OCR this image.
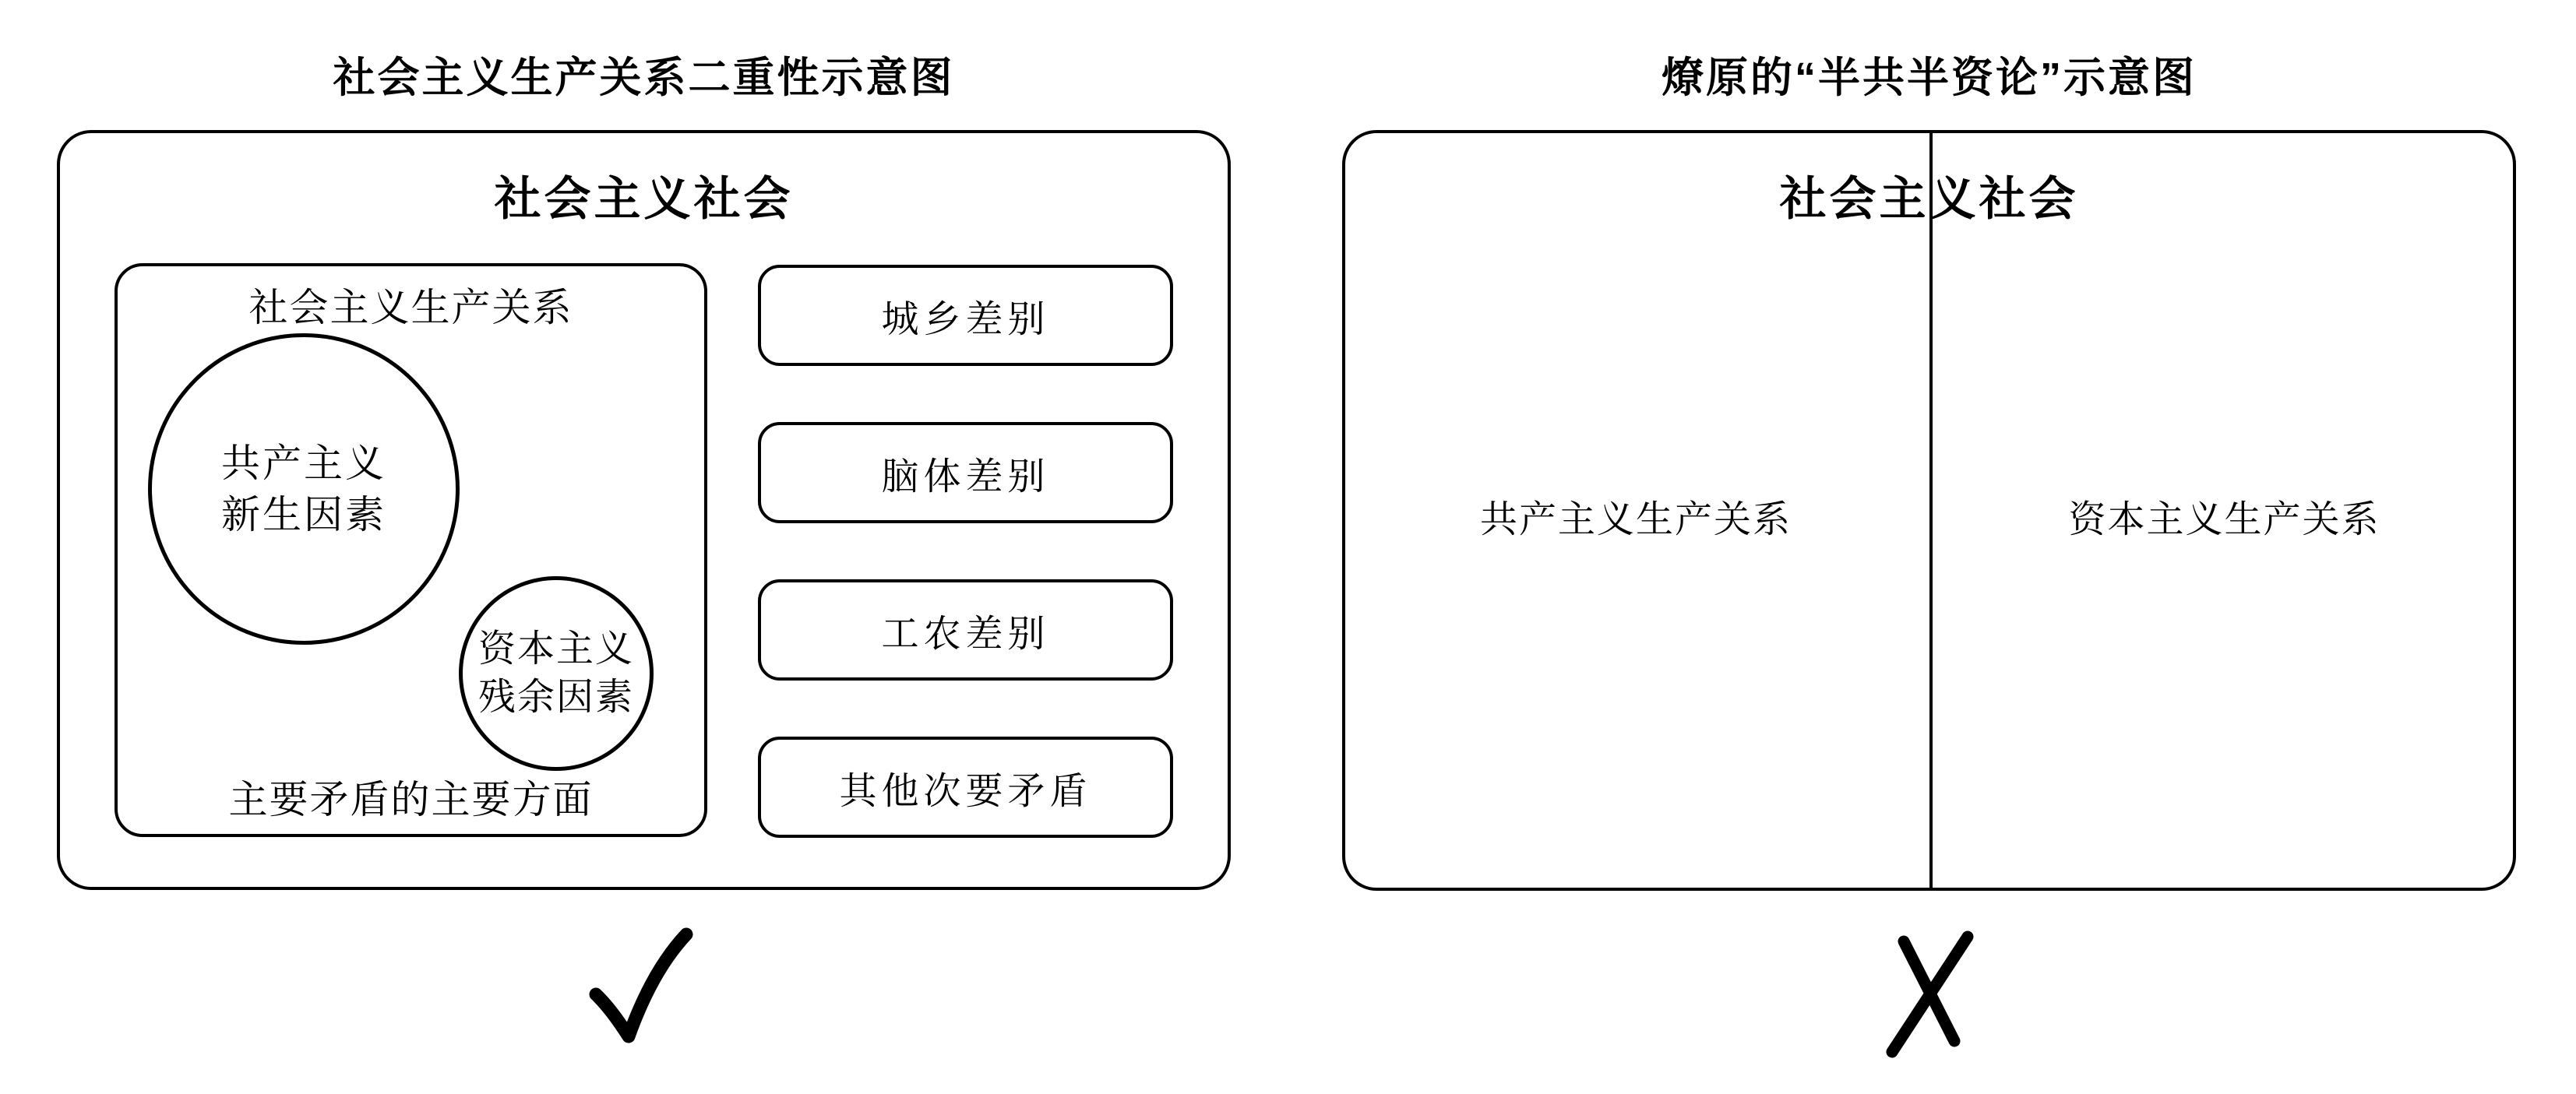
社会主义生产关系二重性示意图
社会主义社会
社会主义生产关系
共产主义
新生因素
资本主义
残余因素
主要矛盾的主要方面
城乡差别
脑体差别
工农差别
其他次要矛盾
燎原的“半共半资论”示意图
社会主义社会
共产主义生产关系	资本主义生产关系
